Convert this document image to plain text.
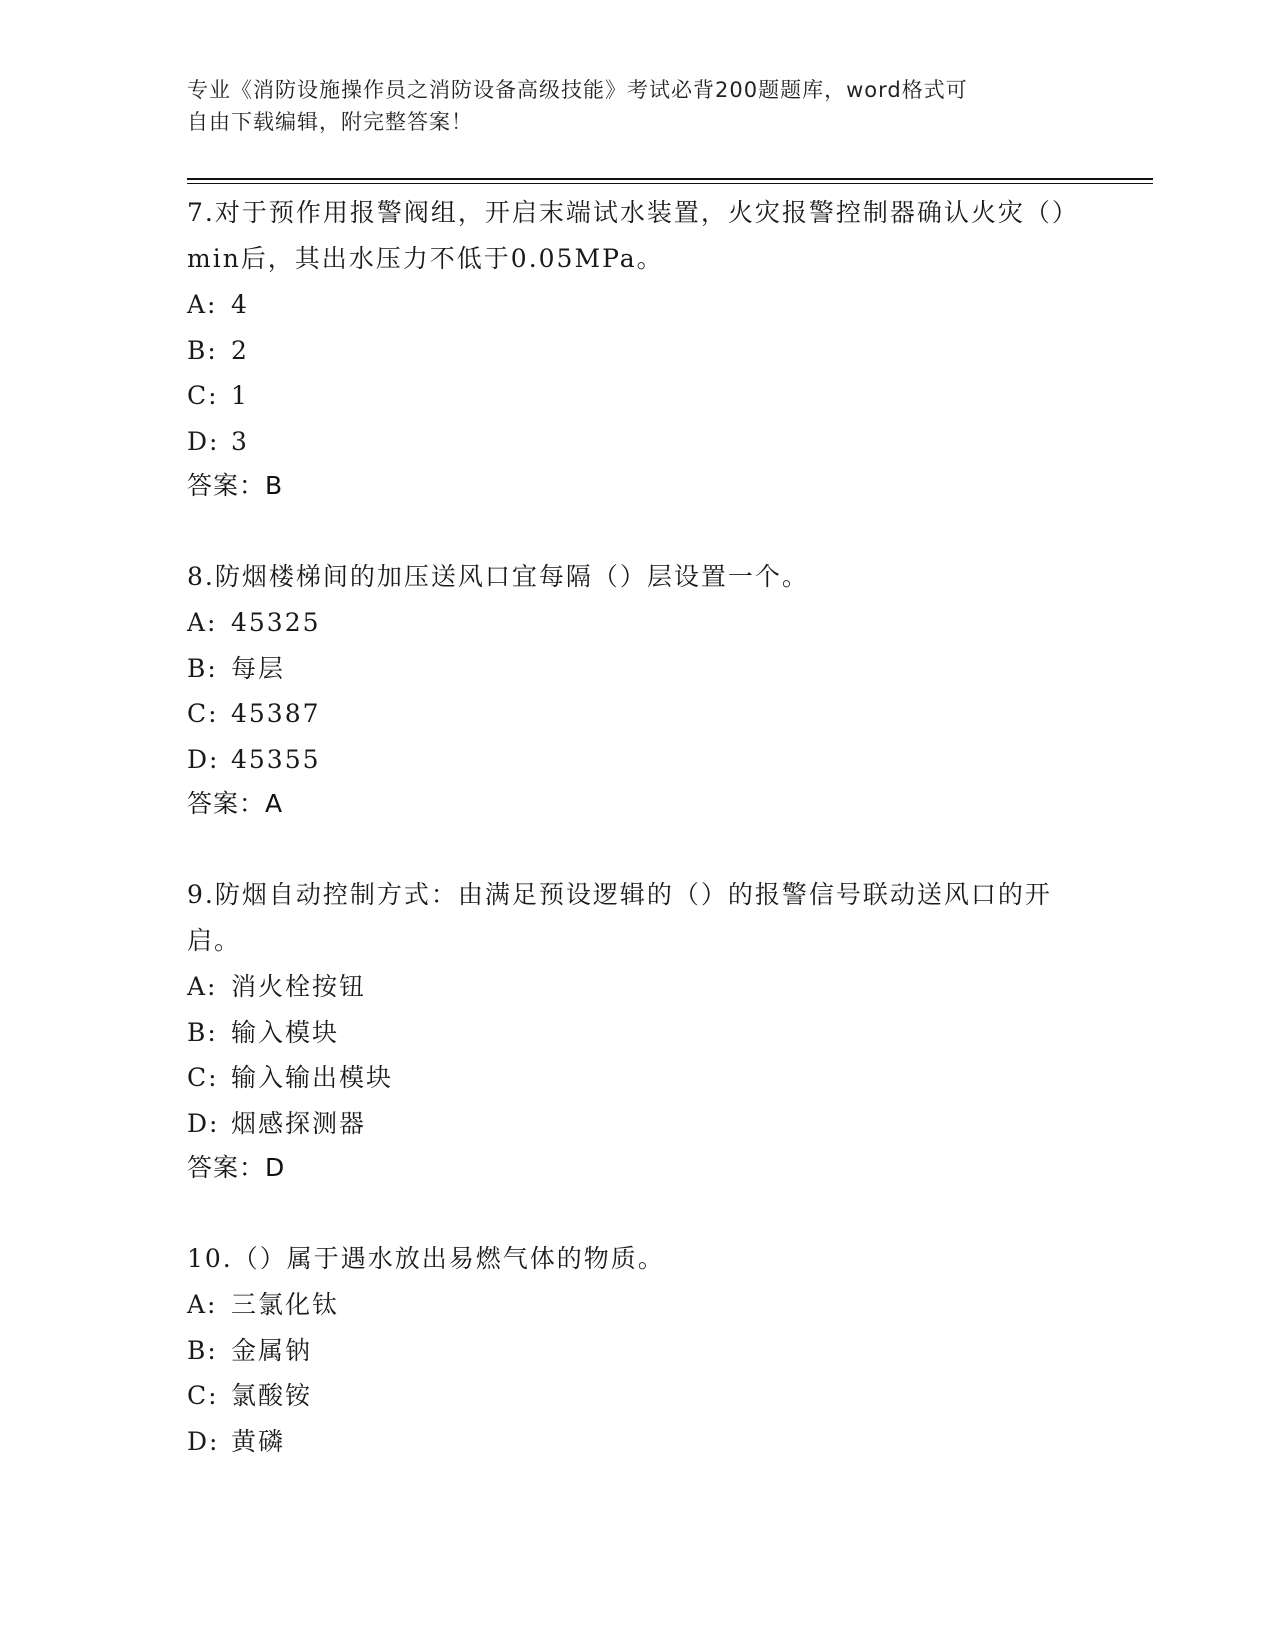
专业《消防设施操作员之消防设备高级技能》考试必背200题题库，word格式可
自由下载编辑，附完整答案！

7.对于预作用报警阀组，开启末端试水装置，火灾报警控制器确认火灾（）min后，其出水压力不低于0.05MPa。

A: 4
B: 2
C: 1
D: 3
答案：B

8.防烟楼梯间的加压送风口宜每隔（）层设置一个。

A: 45325
B: 每层
C: 45387
D: 45355
答案：A

9.防烟自动控制方式：由满足预设逻辑的（）的报警信号联动送风口的开启。

A: 消火栓按钮
B: 输入模块
C: 输入输出模块
D: 烟感探测器
答案：D

10.（）属于遇水放出易燃气体的物质。

A: 三氯化钛
B: 金属钠
C: 氯酸铵
D: 黄磷
